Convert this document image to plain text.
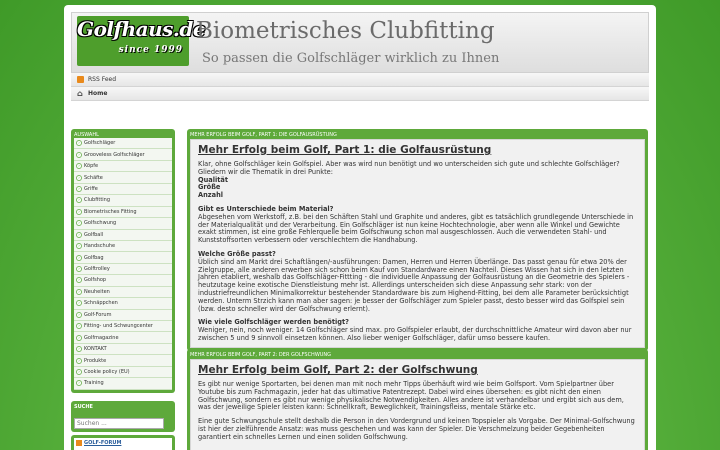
Golfhaus.de
since 1999
Biometrisches Clubfitting
So passen die Golfschläger wirklich zu Ihnen
RSS Feed
⌂ Home
AUSWAHL
› Golfschläger
› Grooveless Golfschläger
› Köpfe
› Schäfte
› Griffe
› Clubfitting
› Biometrisches Fitting
› Golfschwung
› Golfball
› Handschuhe
› Golfbag
› Golftrolley
› Golfshop
› Neuheiten
› Schnäppchen
› Golf-Forum
› Fitting- und Schwungcenter
› Golfmagazine
› KONTAKT
› Produkte
› Cookie policy (EU)
› Training
SUCHE
Suchen ...
GOLF-FORUM
MEHR ERFOLG BEIM GOLF, PART 1: DIE GOLFAUSRÜSTUNG
Mehr Erfolg beim Golf, Part 1: die Golfausrüstung
Klar, ohne Golfschläger kein Golfspiel. Aber was wird nun benötigt und wo unterscheiden sich gute und schlechte Golfschläger? Gliedern wir die Thematik in drei Punkte:
Qualität
Größe
Anzahl
Gibt es Unterschiede beim Material?
Abgesehen vom Werkstoff, z.B. bei den Schäften Stahl und Graphite und anderes, gibt es tatsächlich grundlegende Unterschiede in der Materialqualität und der Verarbeitung. Ein Golfschläger ist nun keine Hochtechnologie, aber wenn alle Winkel und Gewichte exakt stimmen, ist eine große Fehlerquelle beim Golfschwung schon mal ausgeschlossen. Auch die verwendeten Stahl- und Kunststoffsorten verbessern oder verschlechtern die Handhabung.
Welche Größe passt?
Üblich sind am Markt drei Schaftlängen/-ausführungen: Damen, Herren und Herren Überlänge. Das passt genau für etwa 20% der Zielgruppe, alle anderen erwerben sich schon beim Kauf von Standardware einen Nachteil. Dieses Wissen hat sich in den letzten Jahren etabliert, weshalb das Golfschläger-Fittting - die individuelle Anpassung der Golfausrüstung an die Geometrie des Spielers - heutzutage keine exotische Dienstleistung mehr ist. Allerdings unterscheiden sich diese Anpassung sehr stark: von der industriefreundlichen Minimalkorrektur bestehender Standardware bis zum Highend-Fitting, bei dem alle Parameter berücksichtigt werden. Unterm Strzich kann man aber sagen: je besser der Golfschläger zum Spieler passt, desto besser wird das Golfspiel sein (bzw. desto schneller wird der Golfschwung erlernt).
Wie viele Golfschläger werden benötigt?
Weniger, nein, noch weniger. 14 Golfschläger sind max. pro Golfspieler erlaubt, der durchschnittliche Amateur wird davon aber nur zwischen 5 und 9 sinnvoll einsetzen können. Also lieber weniger Golfschläger, dafür umso bessere kaufen.
MEHR ERFOLG BEIM GOLF, PART 2: DER GOLFSCHWUNG
Mehr Erfolg beim Golf, Part 2: der Golfschwung
Es gibt nur wenige Sportarten, bei denen man mit noch mehr Tipps überhäuft wird wie beim Golfsport. Vom Spielpartner über Youtube bis zum Fachmagazin, jeder hat das ultimative Patentrezept. Dabei wird eines übersehen: es gibt nicht den einen Golfschwung, sondern es gibt nur wenige physikalische Notwendigkeiten. Alles andere ist verhandelbar und ergibt sich aus dem, was der jeweilige Spieler leisten kann: Schnellkraft, Beweglichkeit, Trainingsfleiss, mentale Stärke etc.
Eine gute Schwungschule stellt deshalb die Person in den Vordergrund und keinen Topspieler als Vorgabe. Der Minimal-Golfschwung ist hier der zielführende Ansatz: was muss geschehen und was kann der Spieler. Die Verschmelzung beider Gegebenheiten garantiert ein schnelles Lernen und einen soliden Golfschwung.
